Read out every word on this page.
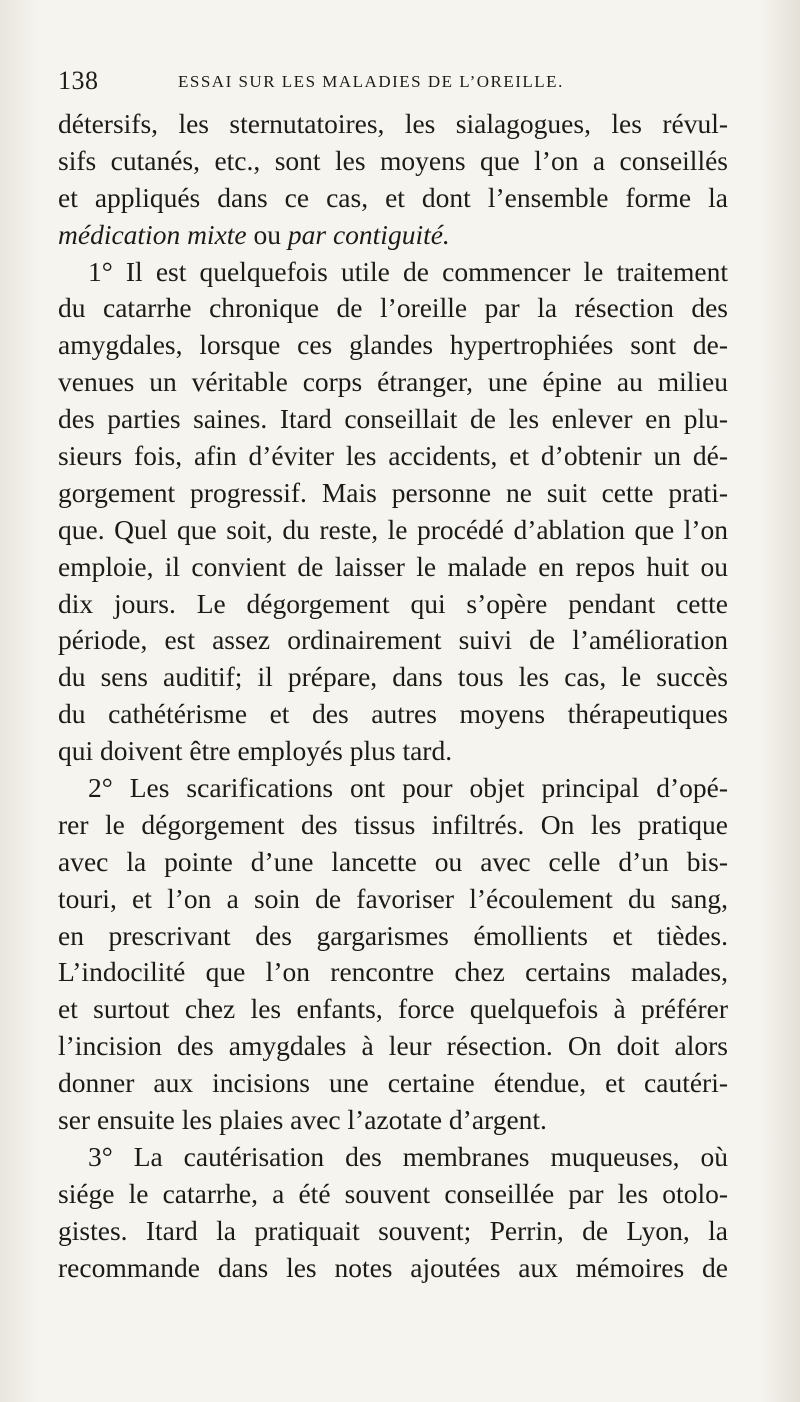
138	ESSAI SUR LES MALADIES DE L’OREILLE.
détersifs, les sternutatoires, les sialagogues, les révul-
sifs cutanés, etc., sont les moyens que l’on a conseillés
et appliqués dans ce cas, et dont l’ensemble forme la
médication mixte ou par contiguité.
1° Il est quelquefois utile de commencer le traitement
du catarrhe chronique de l’oreille par la résection des
amygdales, lorsque ces glandes hypertrophiées sont de-
venues un véritable corps étranger, une épine au milieu
des parties saines. Itard conseillait de les enlever en plu-
sieurs fois, afin d’éviter les accidents, et d’obtenir un dé-
gorgement progressif. Mais personne ne suit cette prati-
que. Quel que soit, du reste, le procédé d’ablation que l’on
emploie, il convient de laisser le malade en repos huit ou
dix jours. Le dégorgement qui s’opère pendant cette
période, est assez ordinairement suivi de l’amélioration
du sens auditif; il prépare, dans tous les cas, le succès
du cathétérisme et des autres moyens thérapeutiques
qui doivent être employés plus tard.
2° Les scarifications ont pour objet principal d’opé-
rer le dégorgement des tissus infiltrés. On les pratique
avec la pointe d’une lancette ou avec celle d’un bis-
touri, et l’on a soin de favoriser l’écoulement du sang,
en prescrivant des gargarismes émollients et tièdes.
L’indocilité que l’on rencontre chez certains malades,
et surtout chez les enfants, force quelquefois à préférer
l’incision des amygdales à leur résection. On doit alors
donner aux incisions une certaine étendue, et cautéri-
ser ensuite les plaies avec l’azotate d’argent.
3° La cautérisation des membranes muqueuses, où
siége le catarrhe, a été souvent conseillée par les otolo-
gistes. Itard la pratiquait souvent; Perrin, de Lyon, la
recommande dans les notes ajoutées aux mémoires de
